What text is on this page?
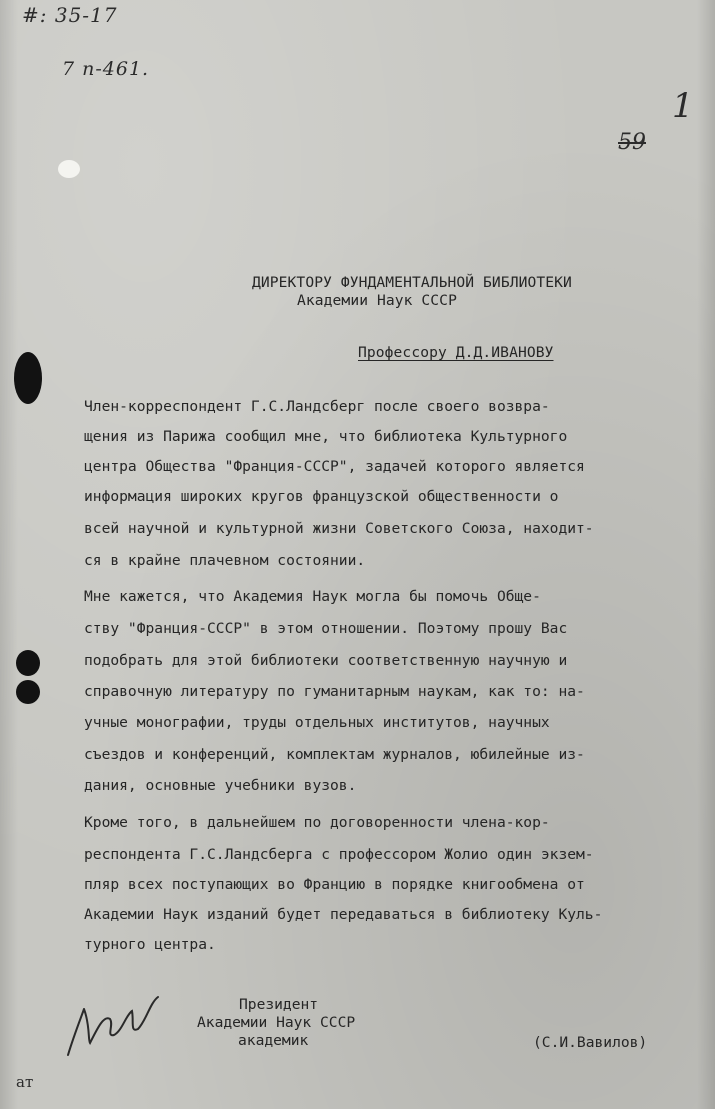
#: 35-17
7 п-461.
1
59
ДИРЕКТОРУ ФУНДАМЕНТАЛЬНОЙ БИБЛИОТЕКИ
Академии Наук СССР
Профессору Д.Д.ИВАНОВУ
Член-корреспондент Г.С.Ландсберг после своего возвра-
щения из Парижа сообщил мне, что библиотека Культурного
центра Общества "Франция-СССР", задачей которого является
информация широких кругов французской общественности о
всей научной и культурной жизни Советского Союза, находит-
ся в крайне плачевном состоянии.
Мне кажется, что Академия Наук могла бы помочь Обще-
ству "Франция-СССР" в этом отношении. Поэтому прошу Вас
подобрать для этой библиотеки соответственную научную и
справочную литературу по гуманитарным наукам, как то: на-
учные монографии, труды отдельных институтов, научных
съездов и конференций, комплектам журналов, юбилейные из-
дания, основные учебники вузов.
Кроме того, в дальнейшем по договоренности члена-кор-
респондента Г.С.Ландсберга с профессором Жолио один экзем-
пляр всех поступающих во Францию в порядке книгообмена от
Академии Наук изданий будет передаваться в библиотеку Куль-
турного центра.
Президент
Академии Наук СССР
академик	(С.И.Вавилов)
ат
